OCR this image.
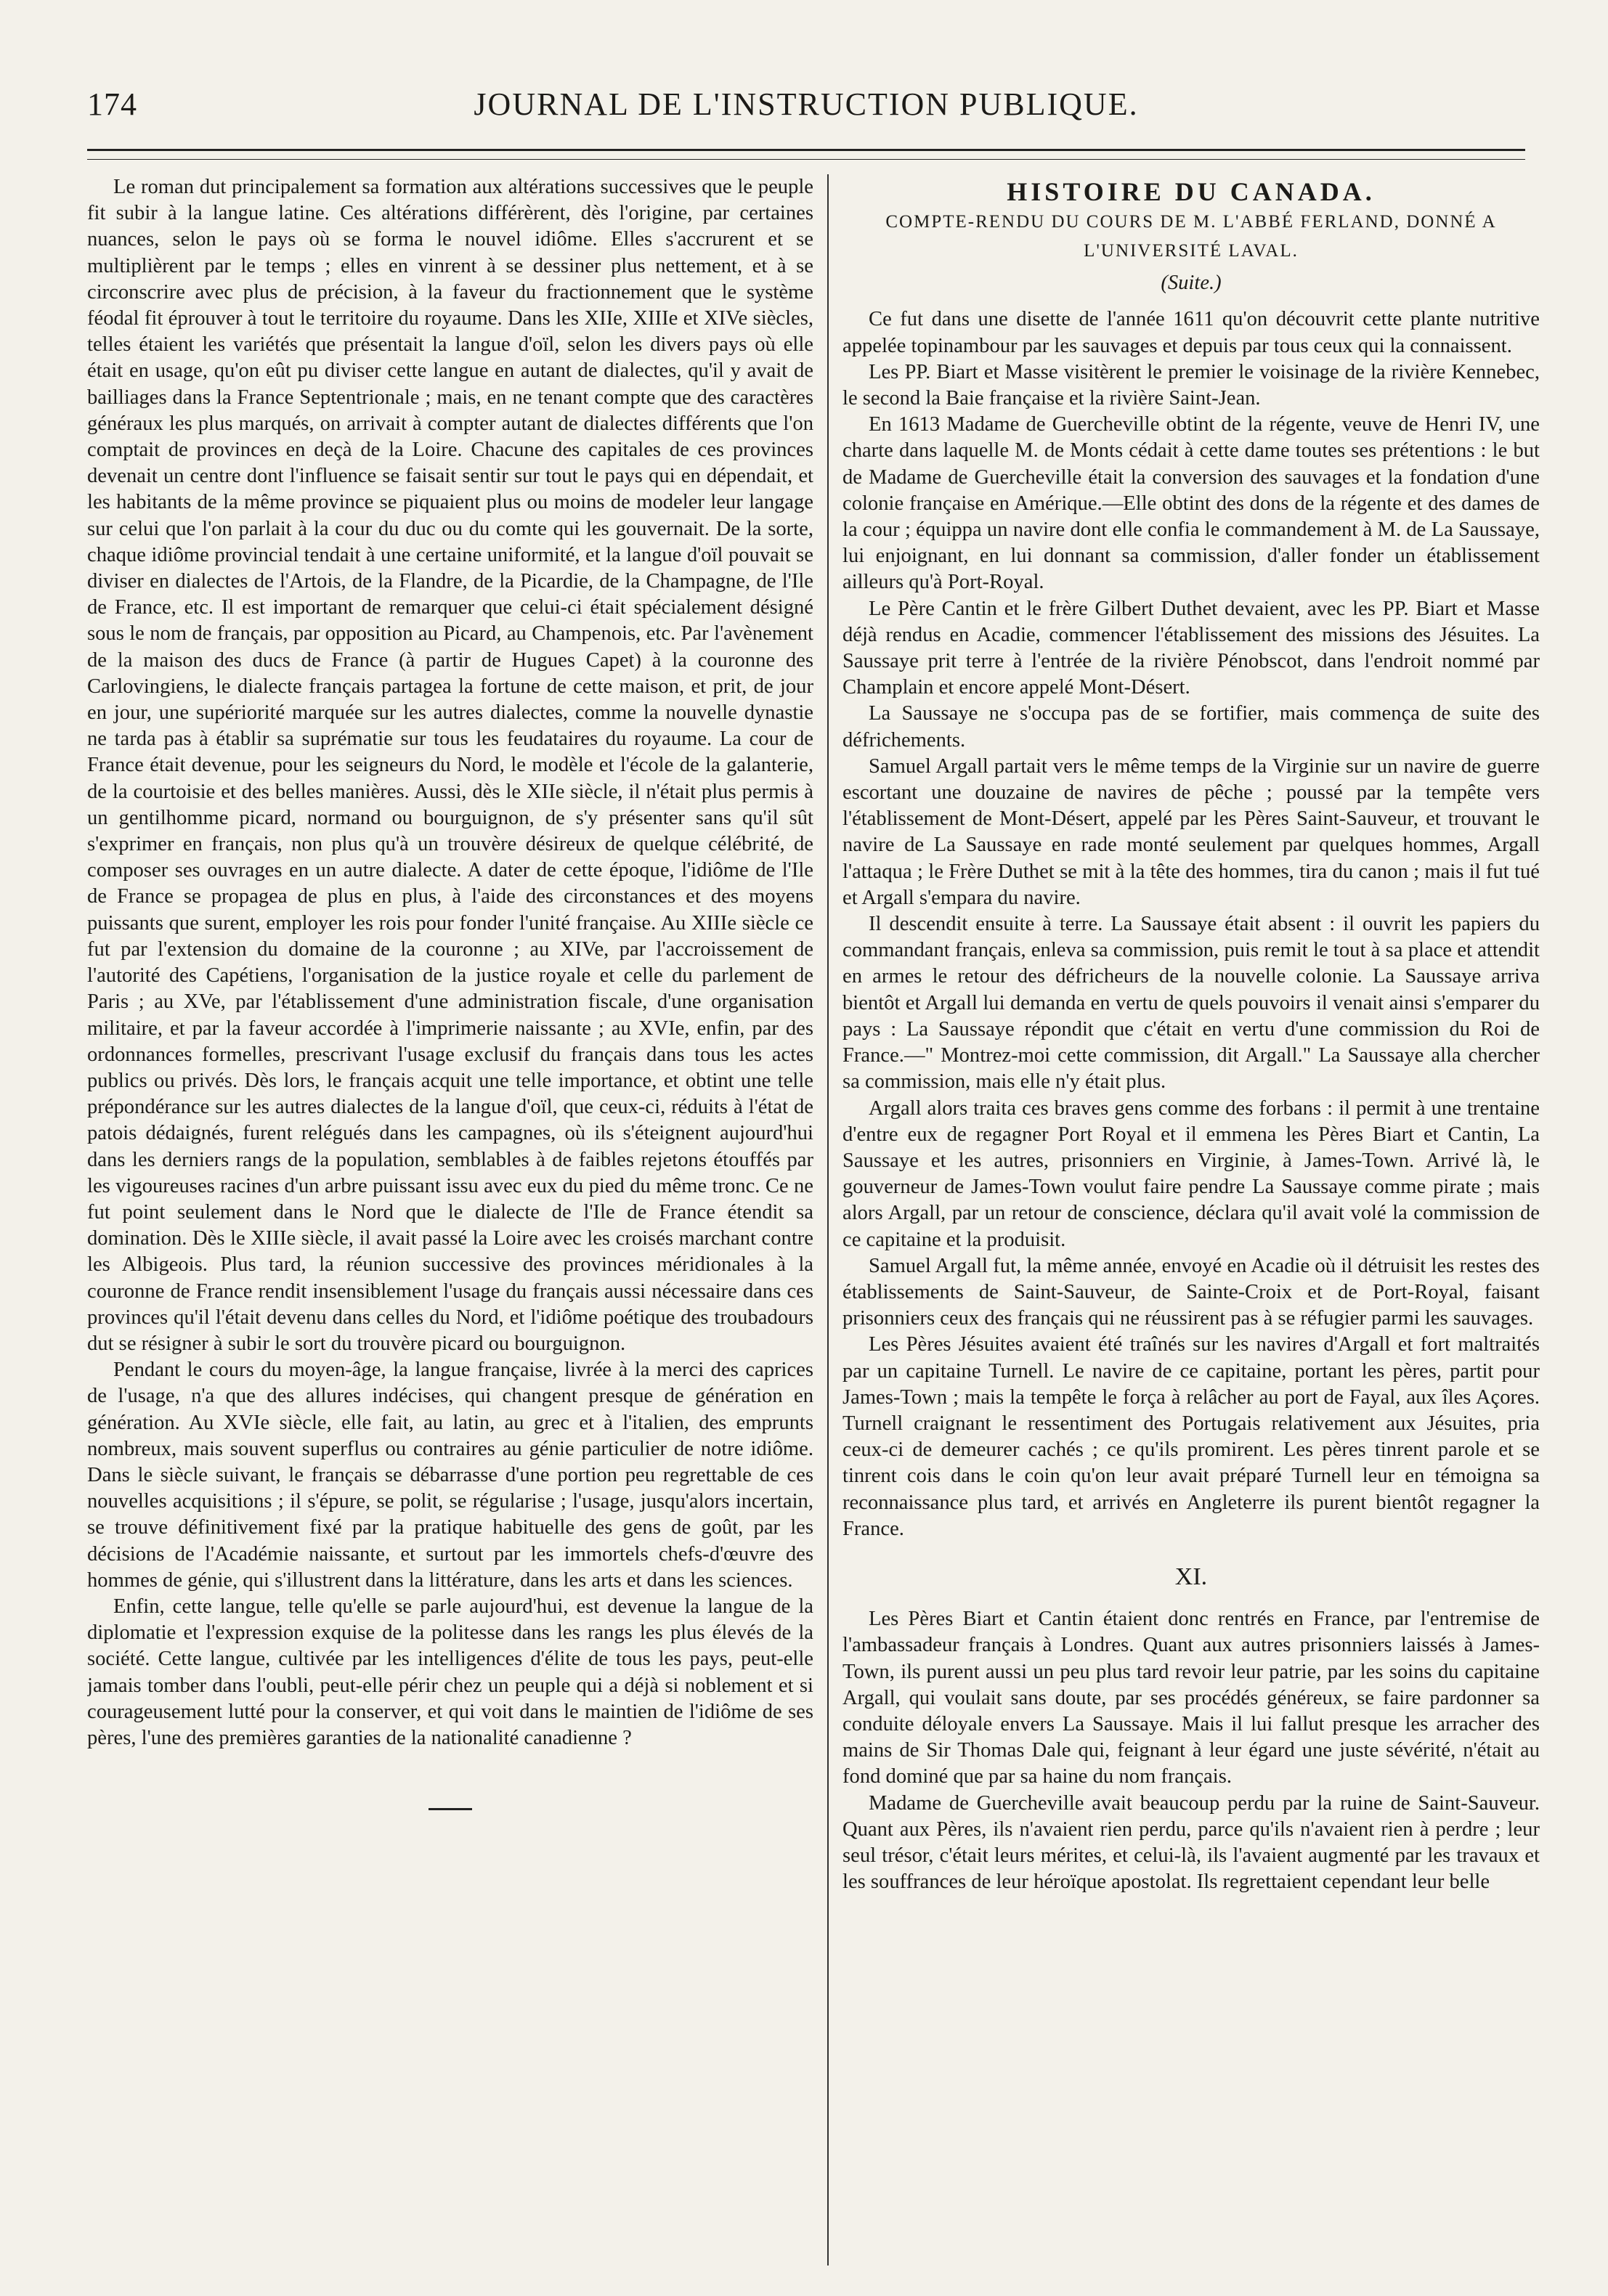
174	JOURNAL DE L'INSTRUCTION PUBLIQUE.

Le roman dut principalement sa formation aux altérations successives que le peuple fit subir à la langue latine. Ces altérations différèrent, dès l'origine, par certaines nuances, selon le pays où se forma le nouvel idiôme. Elles s'accrurent et se multiplièrent par le temps ; elles en vinrent à se dessiner plus nettement, et à se circonscrire avec plus de précision, à la faveur du fractionnement que le système féodal fit éprouver à tout le territoire du royaume. Dans les XIIe, XIIIe et XIVe siècles, telles étaient les variétés que présentait la langue d'oïl, selon les divers pays où elle était en usage, qu'on eût pu diviser cette langue en autant de dialectes, qu'il y avait de bailliages dans la France Septentrionale ; mais, en ne tenant compte que des caractères généraux les plus marqués, on arrivait à compter autant de dialectes différents que l'on comptait de provinces en deçà de la Loire. Chacune des capitales de ces provinces devenait un centre dont l'influence se faisait sentir sur tout le pays qui en dépendait, et les habitants de la même province se piquaient plus ou moins de modeler leur langage sur celui que l'on parlait à la cour du duc ou du comte qui les gouvernait. De la sorte, chaque idiôme provincial tendait à une certaine uniformité, et la langue d'oïl pouvait se diviser en dialectes de l'Artois, de la Flandre, de la Picardie, de la Champagne, de l'Ile de France, etc. Il est important de remarquer que celui-ci était spécialement désigné sous le nom de français, par opposition au Picard, au Champenois, etc. Par l'avènement de la maison des ducs de France (à partir de Hugues Capet) à la couronne des Carlovingiens, le dialecte français partagea la fortune de cette maison, et prit, de jour en jour, une supériorité marquée sur les autres dialectes, comme la nouvelle dynastie ne tarda pas à établir sa suprématie sur tous les feudataires du royaume. La cour de France était devenue, pour les seigneurs du Nord, le modèle et l'école de la galanterie, de la courtoisie et des belles manières. Aussi, dès le XIIe siècle, il n'était plus permis à un gentilhomme picard, normand ou bourguignon, de s'y présenter sans qu'il sût s'exprimer en français, non plus qu'à un trouvère désireux de quelque célébrité, de composer ses ouvrages en un autre dialecte. A dater de cette époque, l'idiôme de l'Ile de France se propagea de plus en plus, à l'aide des circonstances et des moyens puissants que surent, employer les rois pour fonder l'unité française. Au XIIIe siècle ce fut par l'extension du domaine de la couronne ; au XIVe, par l'accroissement de l'autorité des Capétiens, l'organisation de la justice royale et celle du parlement de Paris ; au XVe, par l'établissement d'une administration fiscale, d'une organisation militaire, et par la faveur accordée à l'imprimerie naissante ; au XVIe, enfin, par des ordonnances formelles, prescrivant l'usage exclusif du français dans tous les actes publics ou privés. Dès lors, le français acquit une telle importance, et obtint une telle prépondérance sur les autres dialectes de la langue d'oïl, que ceux-ci, réduits à l'état de patois dédaignés, furent relégués dans les campagnes, où ils s'éteignent aujourd'hui dans les derniers rangs de la population, semblables à de faibles rejetons étouffés par les vigoureuses racines d'un arbre puissant issu avec eux du pied du même tronc. Ce ne fut point seulement dans le Nord que le dialecte de l'Ile de France étendit sa domination. Dès le XIIIe siècle, il avait passé la Loire avec les croisés marchant contre les Albigeois. Plus tard, la réunion successive des provinces méridionales à la couronne de France rendit insensiblement l'usage du français aussi nécessaire dans ces provinces qu'il l'était devenu dans celles du Nord, et l'idiôme poétique des troubadours dut se résigner à subir le sort du trouvère picard ou bourguignon.

Pendant le cours du moyen-âge, la langue française, livrée à la merci des caprices de l'usage, n'a que des allures indécises, qui changent presque de génération en génération. Au XVIe siècle, elle fait, au latin, au grec et à l'italien, des emprunts nombreux, mais souvent superflus ou contraires au génie particulier de notre idiôme. Dans le siècle suivant, le français se débarrasse d'une portion peu regrettable de ces nouvelles acquisitions ; il s'épure, se polit, se régularise ; l'usage, jusqu'alors incertain, se trouve définitivement fixé par la pratique habituelle des gens de goût, par les décisions de l'Académie naissante, et surtout par les immortels chefs-d'œuvre des hommes de génie, qui s'illustrent dans la littérature, dans les arts et dans les sciences.

Enfin, cette langue, telle qu'elle se parle aujourd'hui, est devenue la langue de la diplomatie et l'expression exquise de la politesse dans les rangs les plus élevés de la société. Cette langue, cultivée par les intelligences d'élite de tous les pays, peut-elle jamais tomber dans l'oubli, peut-elle périr chez un peuple qui a déjà si noblement et si courageusement lutté pour la conserver, et qui voit dans le maintien de l'idiôme de ses pères, l'une des premières garanties de la nationalité canadienne ?

HISTOIRE DU CANADA.
COMPTE-RENDU DU COURS DE M. L'ABBÉ FERLAND, DONNÉ A L'UNIVERSITÉ LAVAL.
(Suite.)

Ce fut dans une disette de l'année 1611 qu'on découvrit cette plante nutritive appelée topinambour par les sauvages et depuis par tous ceux qui la connaissent.

Les PP. Biart et Masse visitèrent le premier le voisinage de la rivière Kennebec, le second la Baie française et la rivière Saint-Jean.

En 1613 Madame de Guercheville obtint de la régente, veuve de Henri IV, une charte dans laquelle M. de Monts cédait à cette dame toutes ses prétentions : le but de Madame de Guercheville était la conversion des sauvages et la fondation d'une colonie française en Amérique.—Elle obtint des dons de la régente et des dames de la cour ; équippa un navire dont elle confia le commandement à M. de La Saussaye, lui enjoignant, en lui donnant sa commission, d'aller fonder un établissement ailleurs qu'à Port-Royal.

Le Père Cantin et le frère Gilbert Duthet devaient, avec les PP. Biart et Masse déjà rendus en Acadie, commencer l'établissement des missions des Jésuites. La Saussaye prit terre à l'entrée de la rivière Pénobscot, dans l'endroit nommé par Champlain et encore appelé Mont-Désert.

La Saussaye ne s'occupa pas de se fortifier, mais commença de suite des défrichements.

Samuel Argall partait vers le même temps de la Virginie sur un navire de guerre escortant une douzaine de navires de pêche ; poussé par la tempête vers l'établissement de Mont-Désert, appelé par les Pères Saint-Sauveur, et trouvant le navire de La Saussaye en rade monté seulement par quelques hommes, Argall l'attaqua ; le Frère Duthet se mit à la tête des hommes, tira du canon ; mais il fut tué et Argall s'empara du navire.

Il descendit ensuite à terre. La Saussaye était absent : il ouvrit les papiers du commandant français, enleva sa commission, puis remit le tout à sa place et attendit en armes le retour des défricheurs de la nouvelle colonie. La Saussaye arriva bientôt et Argall lui demanda en vertu de quels pouvoirs il venait ainsi s'emparer du pays : La Saussaye répondit que c'était en vertu d'une commission du Roi de France.—" Montrez-moi cette commission, dit Argall." La Saussaye alla chercher sa commission, mais elle n'y était plus.

Argall alors traita ces braves gens comme des forbans : il permit à une trentaine d'entre eux de regagner Port Royal et il emmena les Pères Biart et Cantin, La Saussaye et les autres, prisonniers en Virginie, à James-Town. Arrivé là, le gouverneur de James-Town voulut faire pendre La Saussaye comme pirate ; mais alors Argall, par un retour de conscience, déclara qu'il avait volé la commission de ce capitaine et la produisit.

Samuel Argall fut, la même année, envoyé en Acadie où il détruisit les restes des établissements de Saint-Sauveur, de Sainte-Croix et de Port-Royal, faisant prisonniers ceux des français qui ne réussirent pas à se réfugier parmi les sauvages.

Les Pères Jésuites avaient été traînés sur les navires d'Argall et fort maltraités par un capitaine Turnell. Le navire de ce capitaine, portant les pères, partit pour James-Town ; mais la tempête le força à relâcher au port de Fayal, aux îles Açores. Turnell craignant le ressentiment des Portugais relativement aux Jésuites, pria ceux-ci de demeurer cachés ; ce qu'ils promirent. Les pères tinrent parole et se tinrent cois dans le coin qu'on leur avait préparé Turnell leur en témoigna sa reconnaissance plus tard, et arrivés en Angleterre ils purent bientôt regagner la France.

XI.

Les Pères Biart et Cantin étaient donc rentrés en France, par l'entremise de l'ambassadeur français à Londres. Quant aux autres prisonniers laissés à James-Town, ils purent aussi un peu plus tard revoir leur patrie, par les soins du capitaine Argall, qui voulait sans doute, par ses procédés généreux, se faire pardonner sa conduite déloyale envers La Saussaye. Mais il lui fallut presque les arracher des mains de Sir Thomas Dale qui, feignant à leur égard une juste sévérité, n'était au fond dominé que par sa haine du nom français.

Madame de Guercheville avait beaucoup perdu par la ruine de Saint-Sauveur. Quant aux Pères, ils n'avaient rien perdu, parce qu'ils n'avaient rien à perdre ; leur seul trésor, c'était leurs mérites, et celui-là, ils l'avaient augmenté par les travaux et les souffrances de leur héroïque apostolat. Ils regrettaient cependant leur belle
